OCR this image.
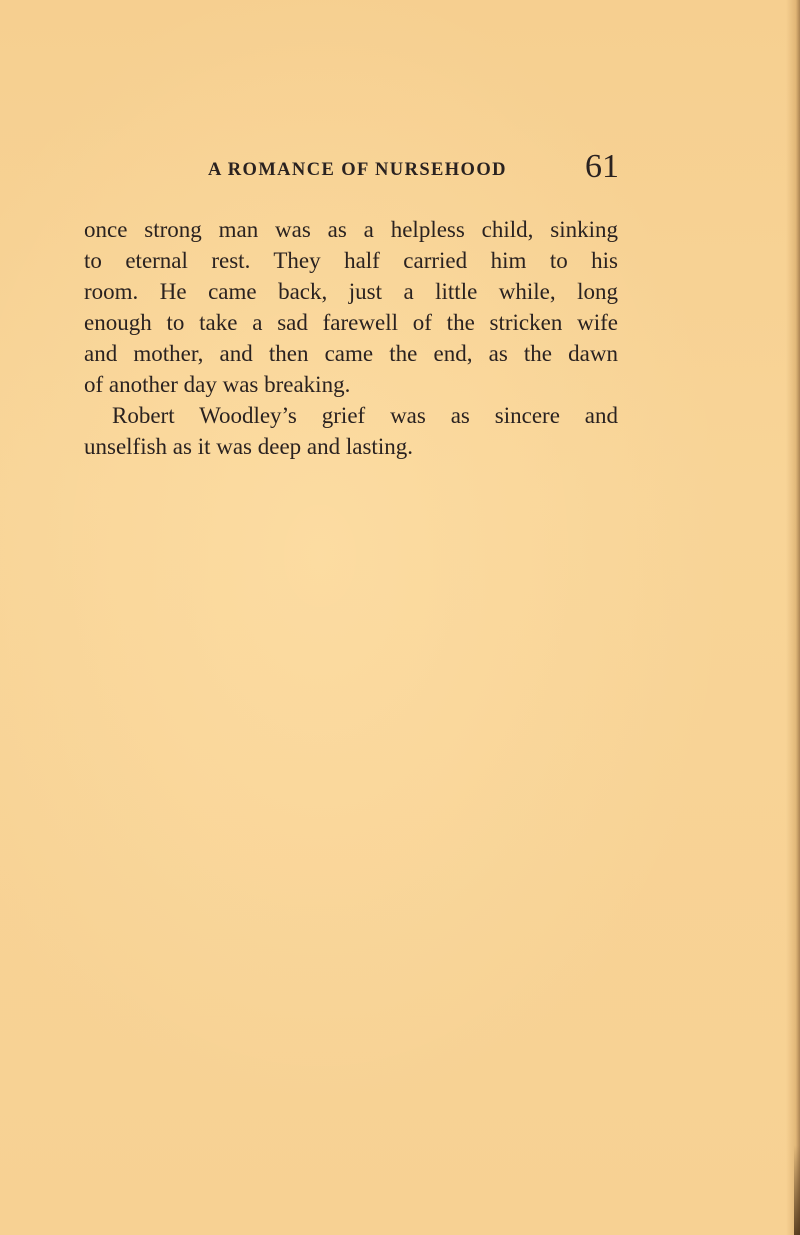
A ROMANCE OF NURSEHOOD 61
once strong man was as a helpless child, sinking
to eternal rest. They half carried him to his
room. He came back, just a little while, long
enough to take a sad farewell of the stricken wife
and mother, and then came the end, as the dawn
of another day was breaking.
Robert Woodley’s grief was as sincere and
unselfish as it was deep and lasting.
